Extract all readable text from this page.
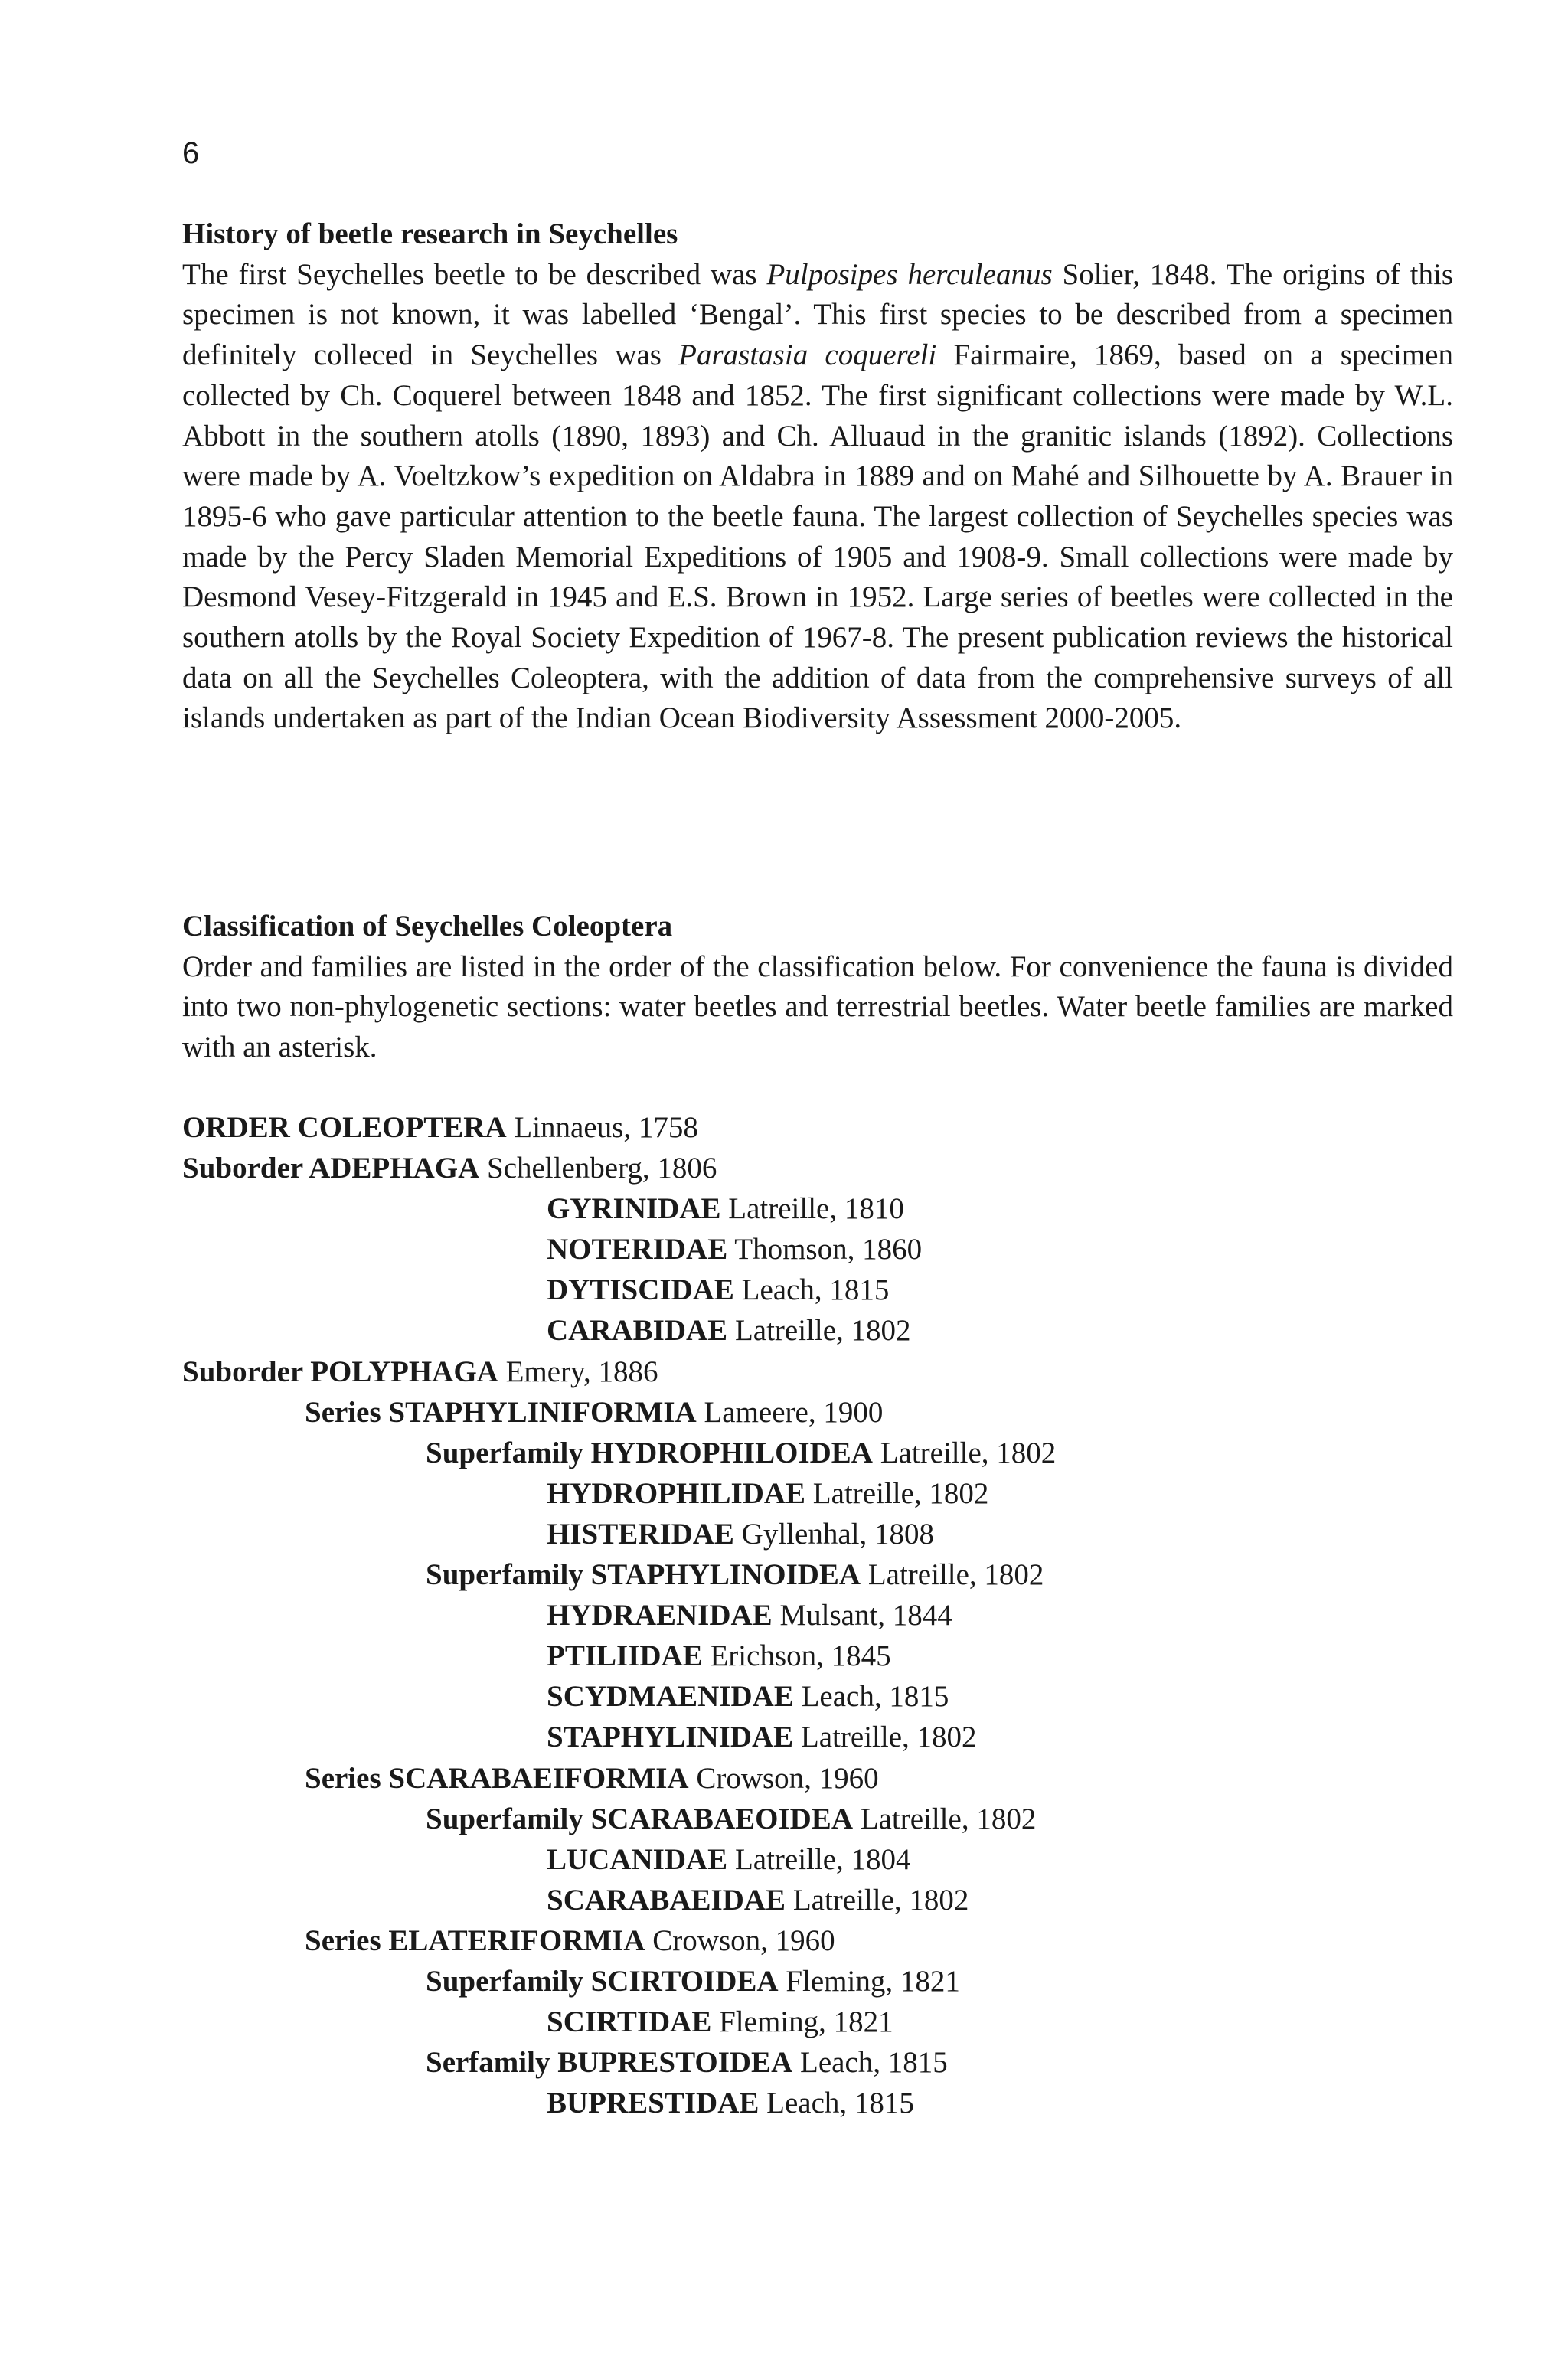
6
History of beetle research in Seychelles

The first Seychelles beetle to be described was Pulposipes herculeanus Solier, 1848. The origins of this specimen is not known, it was labelled ‘Bengal’. This first species to be described from a specimen definitely colleced in Seychelles was Parastasia coquereli Fairmaire, 1869, based on a specimen collected by Ch. Coquerel between 1848 and 1852. The first significant collections were made by W.L. Abbott in the southern atolls (1890, 1893) and Ch. Alluaud in the granitic islands (1892). Collections were made by A. Voeltzkow’s expedition on Aldabra in 1889 and on Mahé and Silhouette by A. Brauer in 1895-6 who gave particular attention to the beetle fauna. The largest collection of Seychelles species was made by the Percy Sladen Memorial Expeditions of 1905 and 1908-9. Small collections were made by Desmond Vesey-Fitzgerald in 1945 and E.S. Brown in 1952. Large series of beetles were collected in the southern atolls by the Royal Society Expedition of 1967-8. The present publication reviews the historical data on all the Seychelles Coleoptera, with the addition of data from the comprehensive surveys of all islands undertaken as part of the Indian Ocean Biodiversity Assessment 2000-2005.

Classification of Seychelles Coleoptera

Order and families are listed in the order of the classification below. For convenience the fauna is divided into two non-phylogenetic sections: water beetles and terrestrial beetles. Water beetle families are marked with an asterisk.

ORDER COLEOPTERA Linnaeus, 1758
Suborder ADEPHAGA Schellenberg, 1806
GYRINIDAE Latreille, 1810
NOTERIDAE Thomson, 1860
DYTISCIDAE Leach, 1815
CARABIDAE Latreille, 1802
Suborder POLYPHAGA Emery, 1886
Series STAPHYLINIFORMIA Lameere, 1900
Superfamily HYDROPHILOIDEA Latreille, 1802
HYDROPHILIDAE Latreille, 1802
HISTERIDAE Gyllenhal, 1808
Superfamily STAPHYLINOIDEA Latreille, 1802
HYDRAENIDAE Mulsant, 1844
PTILIIDAE Erichson, 1845
SCYDMAENIDAE Leach, 1815
STAPHYLINIDAE Latreille, 1802
Series SCARABAEIFORMIA Crowson, 1960
Superfamily SCARABAEOIDEA Latreille, 1802
LUCANIDAE Latreille, 1804
SCARABAEIDAE Latreille, 1802
Series ELATERIFORMIA Crowson, 1960
Superfamily SCIRTOIDEA Fleming, 1821
SCIRTIDAE Fleming, 1821
Serfamily BUPRESTOIDEA Leach, 1815
BUPRESTIDAE Leach, 1815
